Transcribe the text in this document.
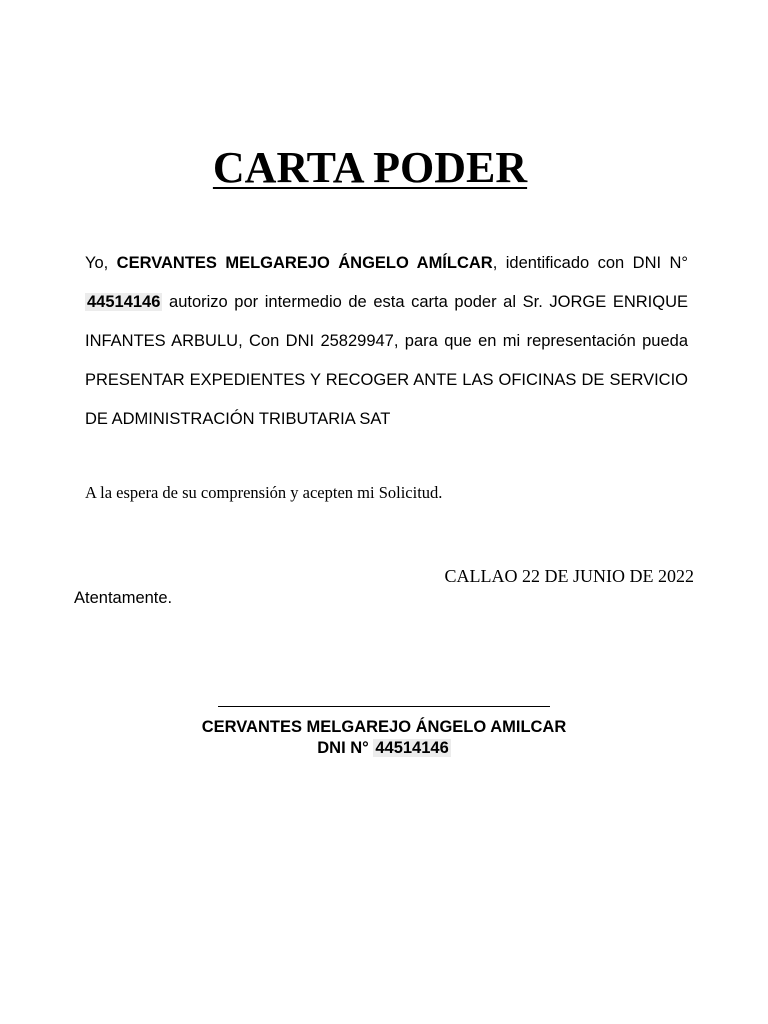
CARTA PODER
Yo, CERVANTES MELGAREJO ÁNGELO AMÍLCAR, identificado con DNI N° 44514146 autorizo por intermedio de esta carta poder al Sr. JORGE ENRIQUE INFANTES ARBULU, Con DNI 25829947, para que en mi representación pueda PRESENTAR EXPEDIENTES Y RECOGER ANTE LAS OFICINAS DE SERVICIO DE ADMINISTRACIÓN TRIBUTARIA SAT
A la espera de su comprensión y acepten mi Solicitud.
CALLAO 22 DE JUNIO DE 2022
Atentamente.
CERVANTES MELGAREJO ÁNGELO AMILCAR
DNI N° 44514146
